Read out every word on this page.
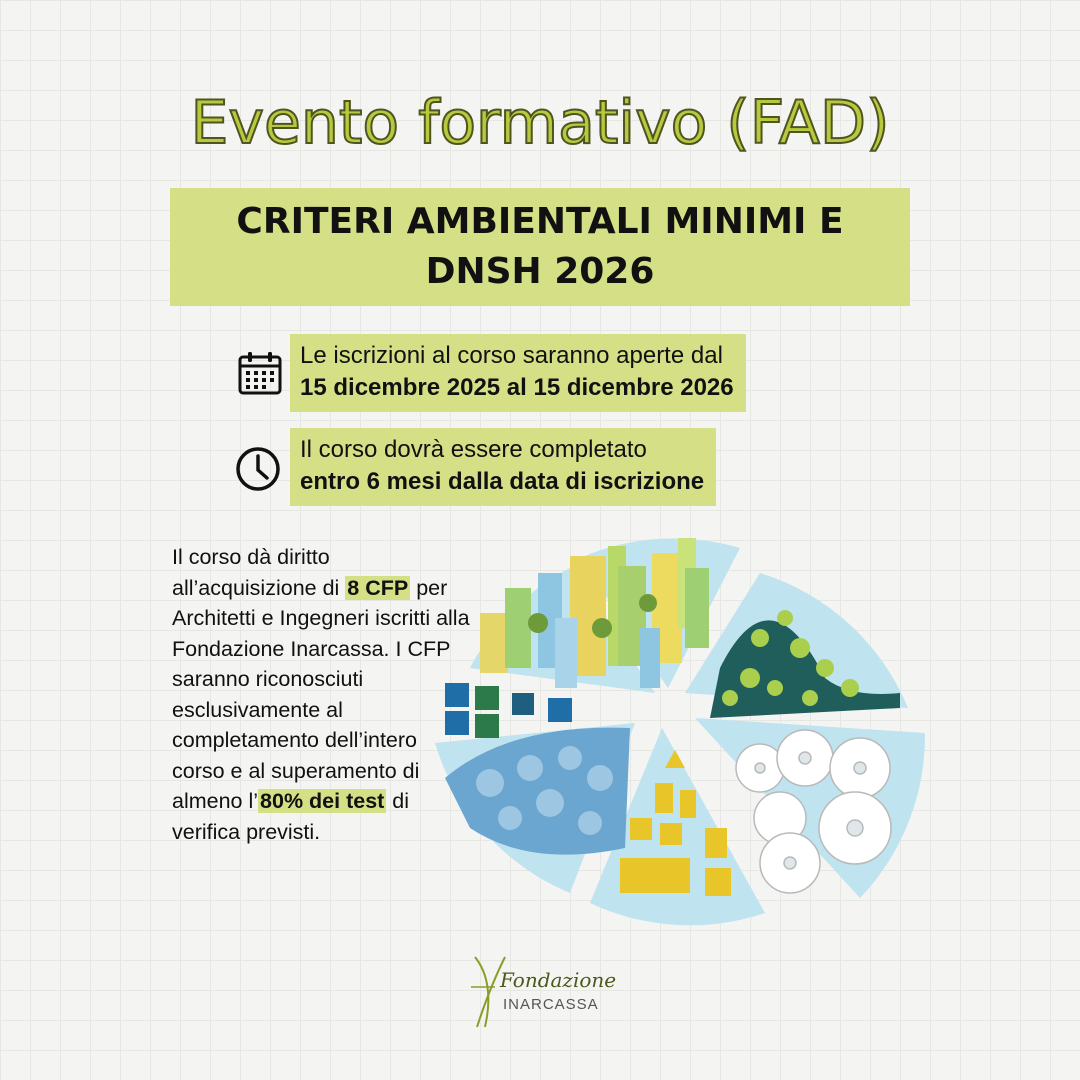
Evento formativo (FAD)
CRITERI AMBIENTALI MINIMI E DNSH 2026
Le iscrizioni al corso saranno aperte dal
15 dicembre 2025 al 15 dicembre 2026
Il corso dovrà essere completato
entro 6 mesi dalla data di iscrizione
Il corso dà diritto all’acquisizione di 8 CFP per Architetti e Ingegneri iscritti alla Fondazione Inarcassa. I CFP saranno riconosciuti esclusivamente al completamento dell’intero corso e al superamento di almeno l’80% dei test di verifica previsti.
Fondazione
INARCASSA
